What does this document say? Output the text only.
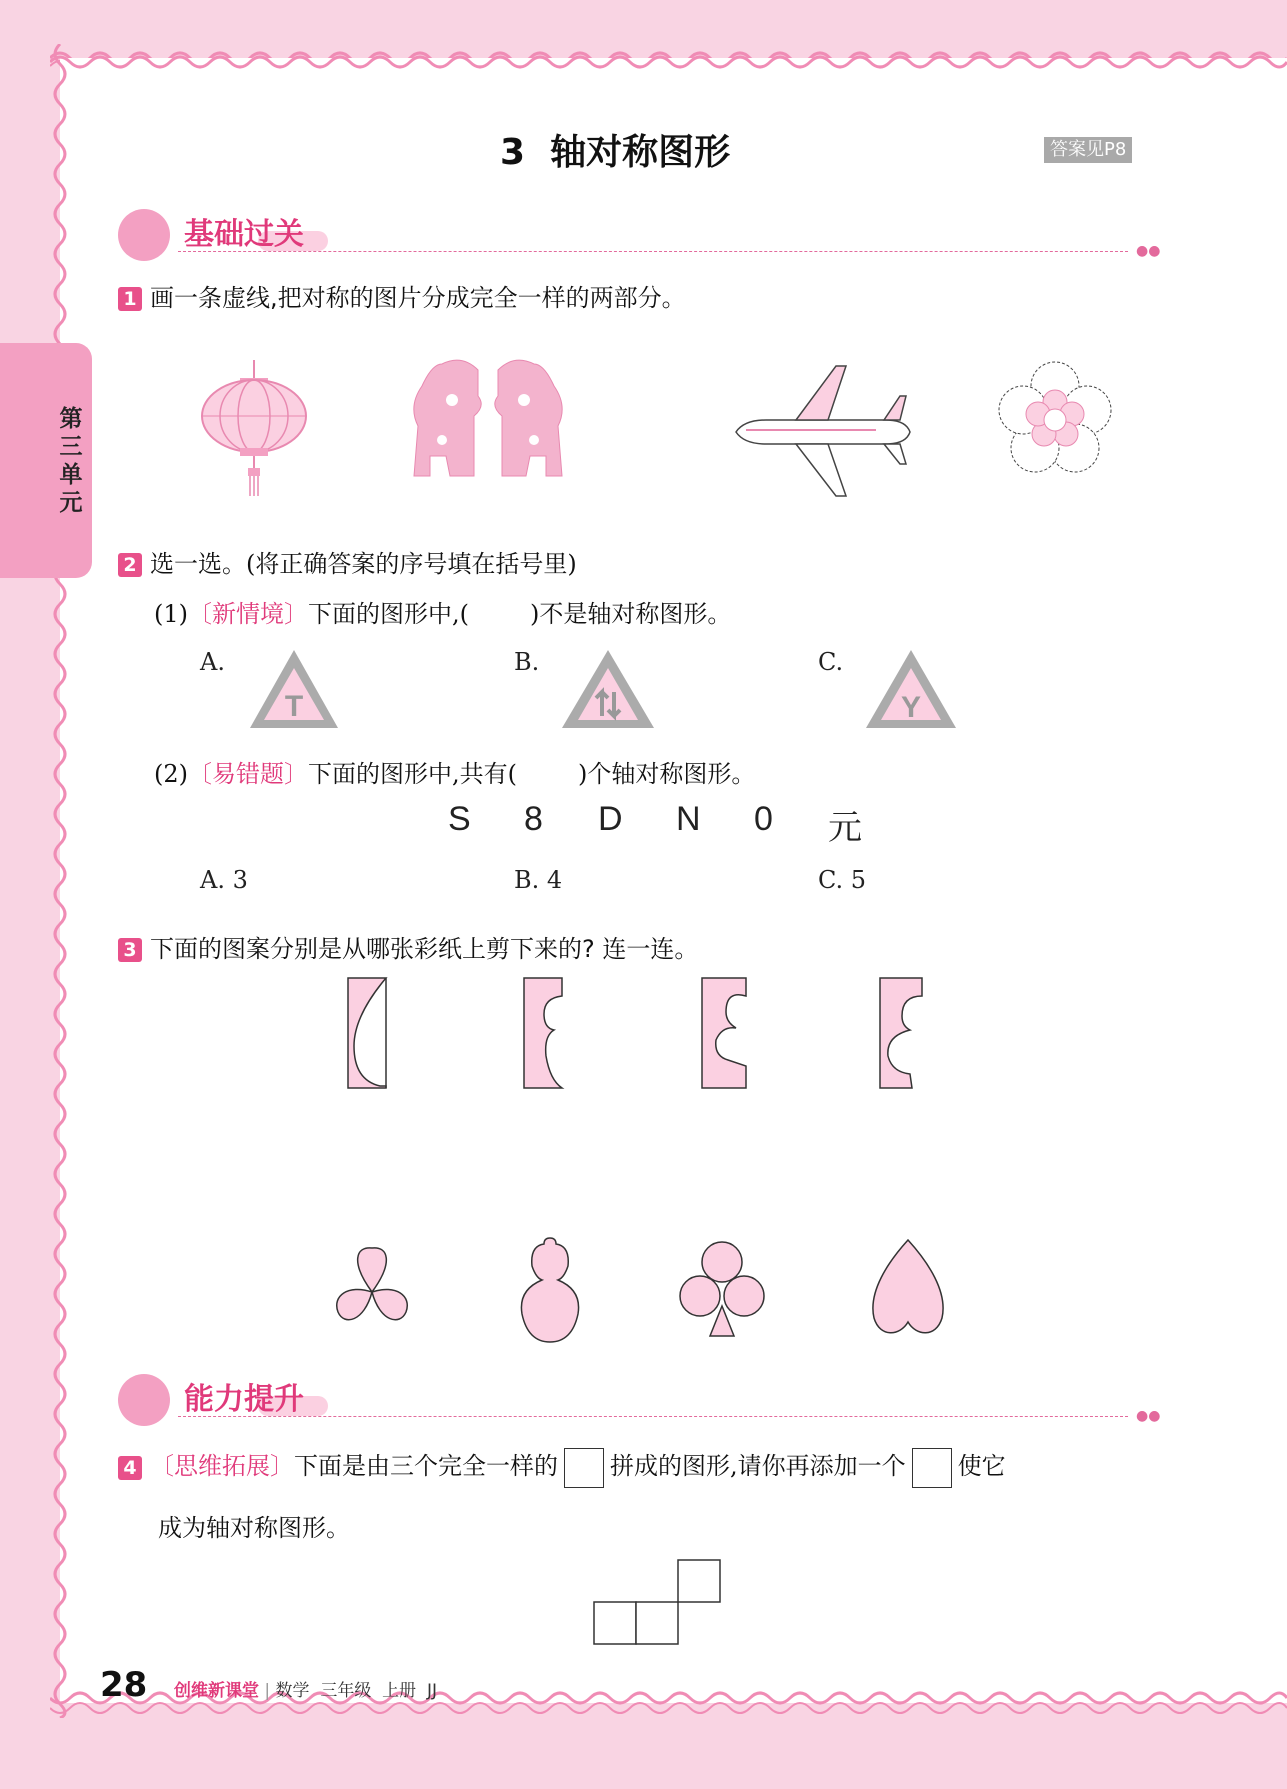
第三单元
3  轴对称图形	答案见P8
基础过关	●●
1 画一条虚线,把对称的图片分成完全一样的两部分。
2 选一选。(将正确答案的序号填在括号里)
(1)〔新情境〕下面的图形中,(        )不是轴对称图形。
A.	B.	C.
T	Y
(2)〔易错题〕下面的图形中,共有(        )个轴对称图形。
S 8 D N 0 元
A. 3	B. 4	C. 5
3 下面的图案分别是从哪张彩纸上剪下来的? 连一连。
能力提升	●●
4 〔思维拓展〕下面是由三个完全一样的 拼成的图形,请你再添加一个 使它
成为轴对称图形。
28 创维新课堂 | 数学  三年级  上册  JJ
